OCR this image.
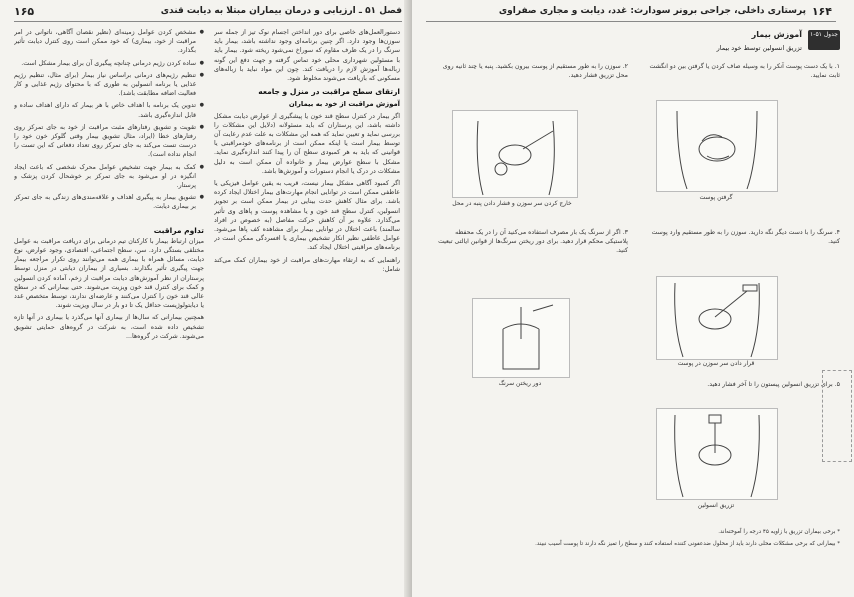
فصل ۵۱ ـ ارزیابی و درمان بیماران مبتلا به دیابت قندی
۱۶۵

دستورالعمل‌های خاصی برای دور انداختن اجسام نوک تیز از جمله سر سوزن‌ها وجود دارد. اگر چنین برنامه‌ای وجود نداشته باشد، بیمار باید سرنگ را در یک ظرف مقاوم که سوراخ نمی‌شود ریخته شود. بیمار باید با مسئولین شهرداری محلی خود تماس گرفته و جهت دفع این گونه زباله‌ها آموزش لازم را دریافت کند. چون این مواد نباید با زباله‌های مسکونی که بازیافت می‌شوند مخلوط شود.

ارتقای سطح مراقبت در منزل و جامعه
آموزش مراقبت از خود به بیماران

اگر بیمار در کنترل سطح قند خون یا پیشگیری از عوارض دیابت مشکل داشته باشد، این پرستاران که باید مسئولانه (دلایل این مشکلات را بررسی نماید و تعیین نماید که همه این مشکلات به علت عدم رعایت آن توسط بیمار است یا اینکه ممکن است از برنامه‌های خودمراقبتی یا قوانینی که باید به هر کمبودی سطح آن را پیدا کنند اندازه‌گیری نماید. مشکل با سطح عوارض بیمار و خانواده آن ممکن است به دلیل مشکلات در درک یا انجام دستورات و آموزش‌ها باشد.

اگر کمبود آگاهی مشکل بیمار نیست، قریب به یقین عوامل فیزیکی یا عاطفی ممکن است در توانایی انجام مهارت‌های بیمار اختلال ایجاد کرده باشد. برای مثال کاهش حدت بینایی در بیمار ممکن است بر تجویز انسولین، کنترل سطح قند خون و یا مشاهده پوست و پاهای وی تأثیر می‌گذارد. علاوه بر آن کاهش حرکت مفاصل (به خصوص در افراد سالمند) باعث اختلال در توانایی بیمار برای مشاهده کف پاها می‌شود. عوامل عاطفی نظیر انکار تشخیص بیماری یا افسردگی ممکن است در برنامه‌های مراقبتی اختلال ایجاد کند.

راهنمایی که به ارتقاء مهارت‌های مراقبت از خود بیماران کمک می‌کند شامل:

● مشخص کردن عوامل زمینه‌ای (نظیر نقصان آگاهی، ناتوانی در امر مراقبت از خود، بیماری) که خود ممکن است روی کنترل دیابت تأثیر بگذارد.
● ساده کردن رژیم درمانی چنانچه پیگیری آن برای بیمار مشکل است.
● تنظیم رژیم‌های درمانی براساس نیاز بیمار (برای مثال، تنظیم رژیم غذایی یا برنامه انسولین به طوری که با محتوای رژیم غذایی و کار فعالیت اضافه مطابقت باشد).
● تدوین یک برنامه با اهداف خاص با هر بیمار که دارای اهداف ساده و قابل اندازه‌گیری باشد.
● تقویت و تشویق رفتارهای مثبت مراقبت از خود به جای تمرکز روی رفتارهای خطا (ایراد، مثال تشویق بیمار وقتی گلوکز خون خود را درست تست می‌کند به جای تمرکز روی تعداد دفعاتی که این تست را انجام نداده است).
● کمک به بیمار جهت تشخیص عوامل محرک شخصی که باعث ایجاد انگیزه در او می‌شود به جای تمرکز بر خوشحال کردن پزشک و پرستار.
● تشویق بیمار به پیگیری اهداف و علاقه‌مندی‌های زندگی به جای تمرکز بر بیماری دیابت.
تداوم مراقبت

میزان ارتباط بیمار با کارکنان تیم درمانی برای دریافت مراقبت به عوامل مختلفی بستگی دارد. سن، سطح اجتماعی، اقتصادی، وجود عوارض، نوع دیابت، مسائل همراه با بیماری همه می‌توانند روی تکرار مراجعه بیمار جهت پیگیری تأثیر بگذارند. بسیاری از بیماران دیابتی در منزل توسط پرستاران از نظر آموزش‌های دیابت مراقبت از زخم، آماده کردن انسولین و کمک برای کنترل قند خون ویزیت می‌شوند. حتی بیمارانی که در سطح عالی قند خون را کنترل می‌کنند و عارضه‌ای ندارند، توسط متخصص غدد یا دیابتولوژیست حداقل یک تا دو بار در سال ویزیت شوند.

همچنین بیمارانی که سال‌ها از بیماری آنها می‌گذرد یا بیماری در آنها تازه تشخیص داده شده است، به شرکت در گروه‌های حمایتی تشویق می‌شوند. شرکت در گروه‌ها...

پرستاری داخلی، جراحی برونر سودارث: غدد، دیابت و مجاری صفراوی ۱۶۴
جدول ۵۱-۱
آموزش بیمار
تزریق انسولین توسط خود بیمار
۱. با یک دست پوست آنکر را به وسیله صاف کردن یا گرفتن بین دو انگشت ثابت نمایید.
۲. سوزن را به طور مستقیم از پوست بیرون بکشید. پنبه یا چند ثانیه روی محل تزریق فشار دهید.
گرفتن پوست
خارج کردن سر سوزن و فشار دادن پنبه در محل
۳. اگر از سرنگ یک بار مصرف استفاده می‌کنید آن را در یک محفظه پلاستیکی محکم قرار دهید. برای دور ریختن سرنگ‌ها از قوانین ایالتی تبعیت کنید.
۴. سرنگ را با دست دیگر نگه دارید. سوزن را به طور مستقیم وارد پوست کنید.
قرار دادن سر سوزن در پوست
دور ریختن سرنگ	۵. برای تزریق انسولین پیستون را تا آخر فشار دهید.
تزریق انسولین
* برخی بیماران تزریق با زاویه ۴۵ درجه را آموخته‌اند.
* بیمارانی که برخی مشکلات محلی دارند باید از محلول ضدعفونی کننده استفاده کنند و سطح را تمیز نگه دارند تا پوست آسیب نبیند.
